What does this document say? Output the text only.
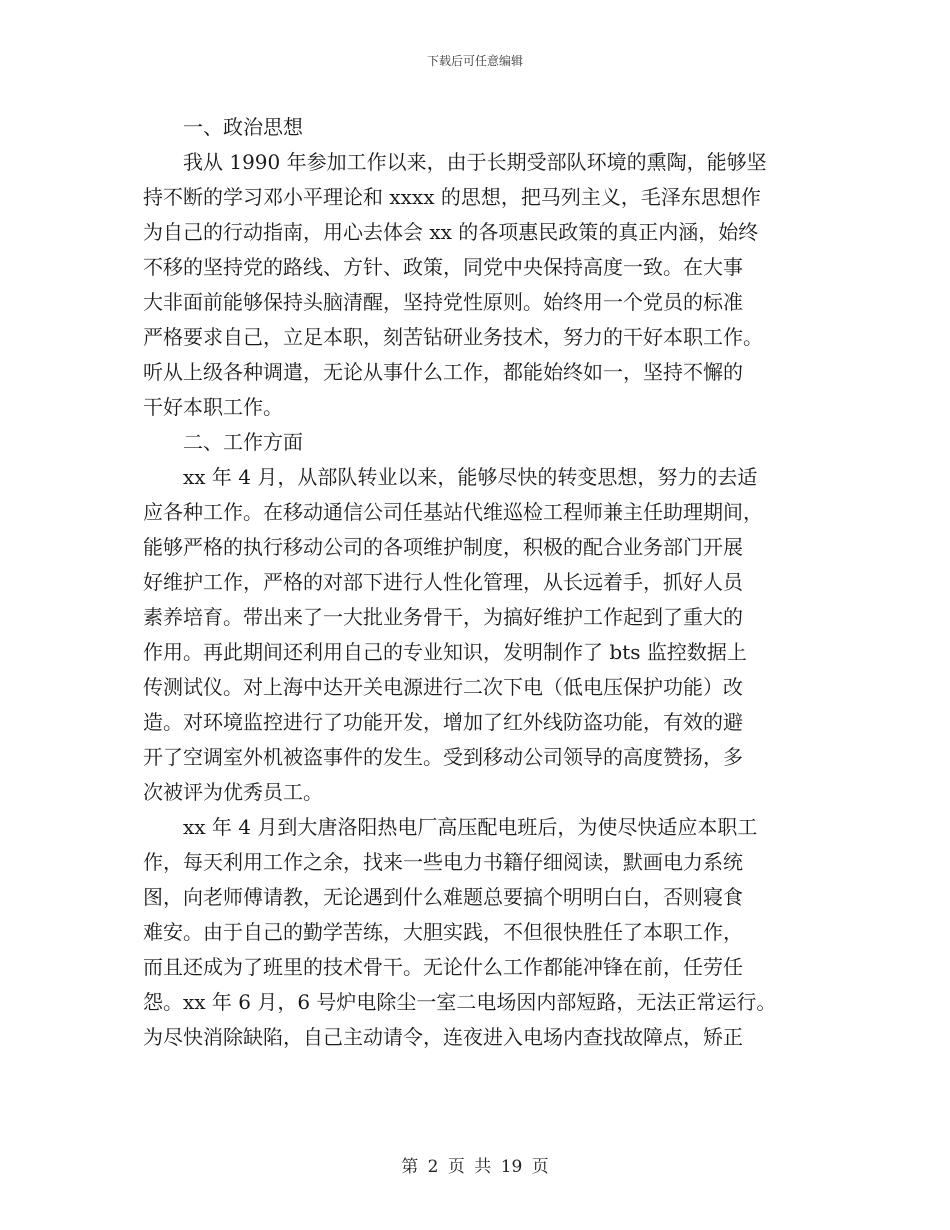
下载后可任意编辑
一、政治思想
我从 1990 年参加工作以来，由于长期受部队环境的熏陶，能够坚
持不断的学习邓小平理论和 xxxx 的思想，把马列主义，毛泽东思想作
为自己的行动指南，用心去体会 xx 的各项惠民政策的真正内涵，始终
不移的坚持党的路线、方针、政策，同党中央保持高度一致。在大事
大非面前能够保持头脑清醒，坚持党性原则。始终用一个党员的标准
严格要求自己，立足本职，刻苦钻研业务技术，努力的干好本职工作。
听从上级各种调遣，无论从事什么工作，都能始终如一，坚持不懈的
干好本职工作。
二、工作方面
xx 年 4 月，从部队转业以来，能够尽快的转变思想，努力的去适
应各种工作。在移动通信公司任基站代维巡检工程师兼主任助理期间，
能够严格的执行移动公司的各项维护制度，积极的配合业务部门开展
好维护工作，严格的对部下进行人性化管理，从长远着手，抓好人员
素养培育。带出来了一大批业务骨干，为搞好维护工作起到了重大的
作用。再此期间还利用自己的专业知识，发明制作了 bts 监控数据上
传测试仪。对上海中达开关电源进行二次下电（低电压保护功能）改
造。对环境监控进行了功能开发，增加了红外线防盗功能，有效的避
开了空调室外机被盗事件的发生。受到移动公司领导的高度赞扬，多
次被评为优秀员工。
xx 年 4 月到大唐洛阳热电厂高压配电班后，为使尽快适应本职工
作，每天利用工作之余，找来一些电力书籍仔细阅读，默画电力系统
图，向老师傅请教，无论遇到什么难题总要搞个明明白白，否则寝食
难安。由于自己的勤学苦练，大胆实践，不但很快胜任了本职工作，
而且还成为了班里的技术骨干。无论什么工作都能冲锋在前，任劳任
怨。xx 年 6 月，6 号炉电除尘一室二电场因内部短路，无法正常运行。
为尽快消除缺陷，自己主动请令，连夜进入电场内查找故障点，矫正
第 2 页 共 19 页
